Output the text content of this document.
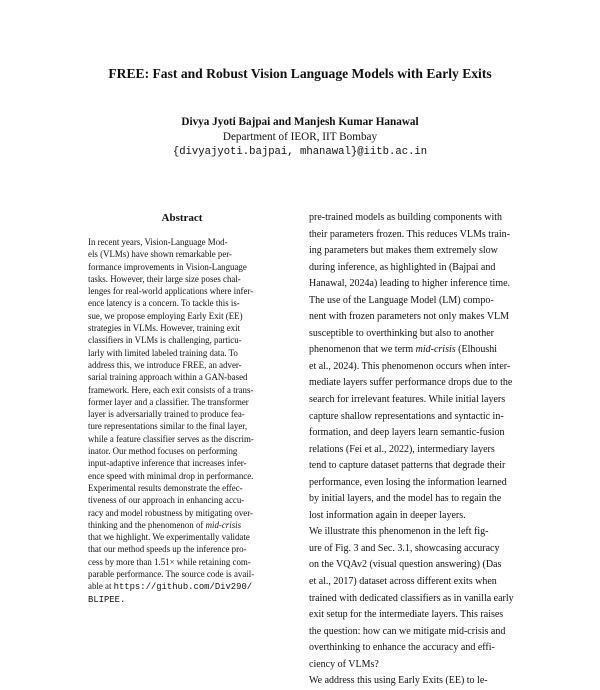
FREE: Fast and Robust Vision Language Models with Early Exits
Divya Jyoti Bajpai and Manjesh Kumar Hanawal
Department of IEOR, IIT Bombay
{divyajyoti.bajpai, mhanawal}@iitb.ac.in
Abstract
In recent years, Vision-Language Mod-
els (VLMs) have shown remarkable per-
formance improvements in Vision-Language
tasks. However, their large size poses chal-
lenges for real-world applications where infer-
ence latency is a concern. To tackle this is-
sue, we propose employing Early Exit (EE)
strategies in VLMs. However, training exit
classifiers in VLMs is challenging, particu-
larly with limited labeled training data. To
address this, we introduce FREE, an adver-
sarial training approach within a GAN-based
framework. Here, each exit consists of a trans-
former layer and a classifier. The transformer
layer is adversarially trained to produce fea-
ture representations similar to the final layer,
while a feature classifier serves as the discrim-
inator. Our method focuses on performing
input-adaptive inference that increases infer-
ence speed with minimal drop in performance.
Experimental results demonstrate the effec-
tiveness of our approach in enhancing accu-
racy and model robustness by mitigating over-
thinking and the phenomenon of mid-crisis
that we highlight. We experimentally validate
that our method speeds up the inference pro-
cess by more than 1.51× while retaining com-
parable performance. The source code is avail-
able at https://github.com/Div290/
BLIPEE.
pre-trained models as building components with
their parameters frozen. This reduces VLMs train-
ing parameters but makes them extremely slow
during inference, as highlighted in (Bajpai and
Hanawal, 2024a) leading to higher inference time.
The use of the Language Model (LM) compo-
nent with frozen parameters not only makes VLM
susceptible to overthinking but also to another
phenomenon that we term mid-crisis (Elhoushi
et al., 2024). This phenomenon occurs when inter-
mediate layers suffer performance drops due to the
search for irrelevant features. While initial layers
capture shallow representations and syntactic in-
formation, and deep layers learn semantic-fusion
relations (Fei et al., 2022), intermediary layers
tend to capture dataset patterns that degrade their
performance, even losing the information learned
by initial layers, and the model has to regain the
lost information again in deeper layers.
We illustrate this phenomenon in the left fig-
ure of Fig. 3 and Sec. 3.1, showcasing accuracy
on the VQAv2 (visual question answering) (Das
et al., 2017) dataset across different exits when
trained with dedicated classifiers as in vanilla early
exit setup for the intermediate layers. This raises
the question: how can we mitigate mid-crisis and
overthinking to enhance the accuracy and effi-
ciency of VLMs?
We address this using Early Exits (EE) to le-
